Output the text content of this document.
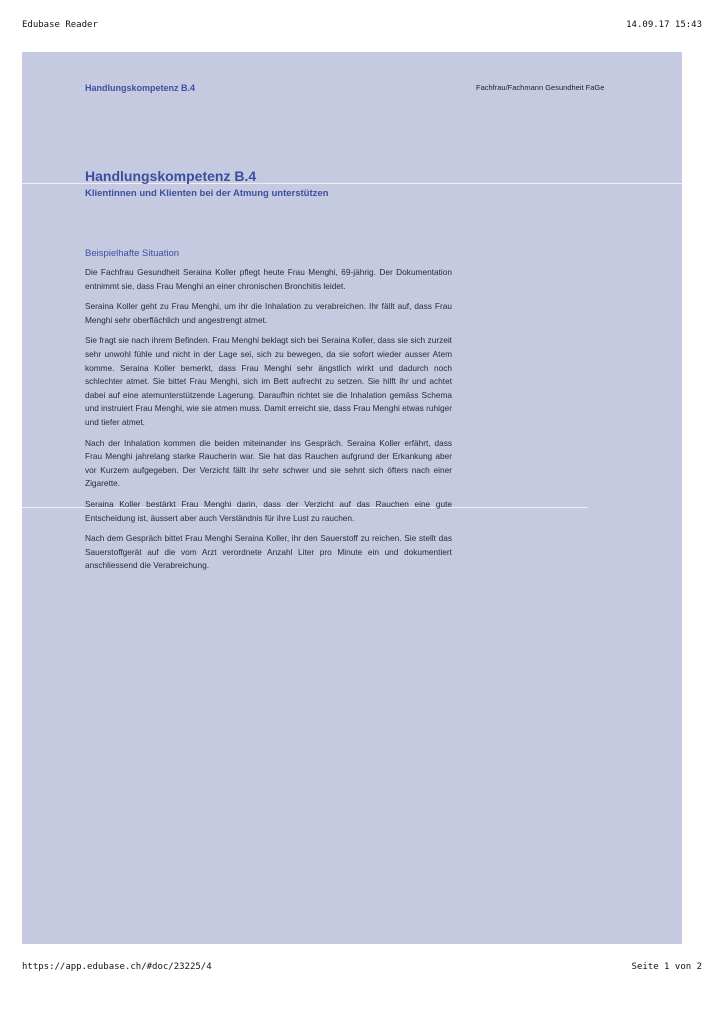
Edubase Reader	14.09.17 15:43
Handlungskompetenz B.4	Fachfrau/Fachmann Gesundheit FaGe
Handlungskompetenz B.4
Klientinnen und Klienten bei der Atmung unterstützen
Beispielhafte Situation

Die Fachfrau Gesundheit Seraina Koller pflegt heute Frau Menghi, 69-jährig. Der Dokumentation entnimmt sie, dass Frau Menghi an einer chronischen Bronchitis leidet.

Seraina Koller geht zu Frau Menghi, um ihr die Inhalation zu verabreichen. Ihr fällt auf, dass Frau Menghi sehr oberflächlich und angestrengt atmet.

Sie fragt sie nach ihrem Befinden. Frau Menghi beklagt sich bei Seraina Koller, dass sie sich zurzeit sehr unwohl fühle und nicht in der Lage sei, sich zu bewegen, da sie sofort wieder ausser Atem komme. Seraina Koller bemerkt, dass Frau Menghi sehr ängstlich wirkt und dadurch noch schlechter atmet. Sie bittet Frau Menghi, sich im Bett aufrecht zu setzen. Sie hilft ihr und achtet dabei auf eine atemunterstützende Lagerung. Daraufhin richtet sie die Inhalation gemäss Schema und instruiert Frau Menghi, wie sie atmen muss. Damit erreicht sie, dass Frau Menghi etwas ruhiger und tiefer atmet.

Nach der Inhalation kommen die beiden miteinander ins Gespräch. Seraina Koller erfährt, dass Frau Menghi jahrelang starke Raucherin war. Sie hat das Rauchen aufgrund der Erkankung aber vor Kurzem aufgegeben. Der Verzicht fällt ihr sehr schwer und sie sehnt sich öfters nach einer Zigarette.

Seraina Koller bestärkt Frau Menghi darin, dass der Verzicht auf das Rauchen eine gute Entscheidung ist, äussert aber auch Verständnis für ihre Lust zu rauchen.

Nach dem Gespräch bittet Frau Menghi Seraina Koller, ihr den Sauerstoff zu reichen. Sie stellt das Sauerstoffgerät auf die vom Arzt verordnete Anzahl Liter pro Minute ein und dokumentiert anschliessend die Verabreichung.

https://app.edubase.ch/#doc/23225/4	Seite 1 von 2
